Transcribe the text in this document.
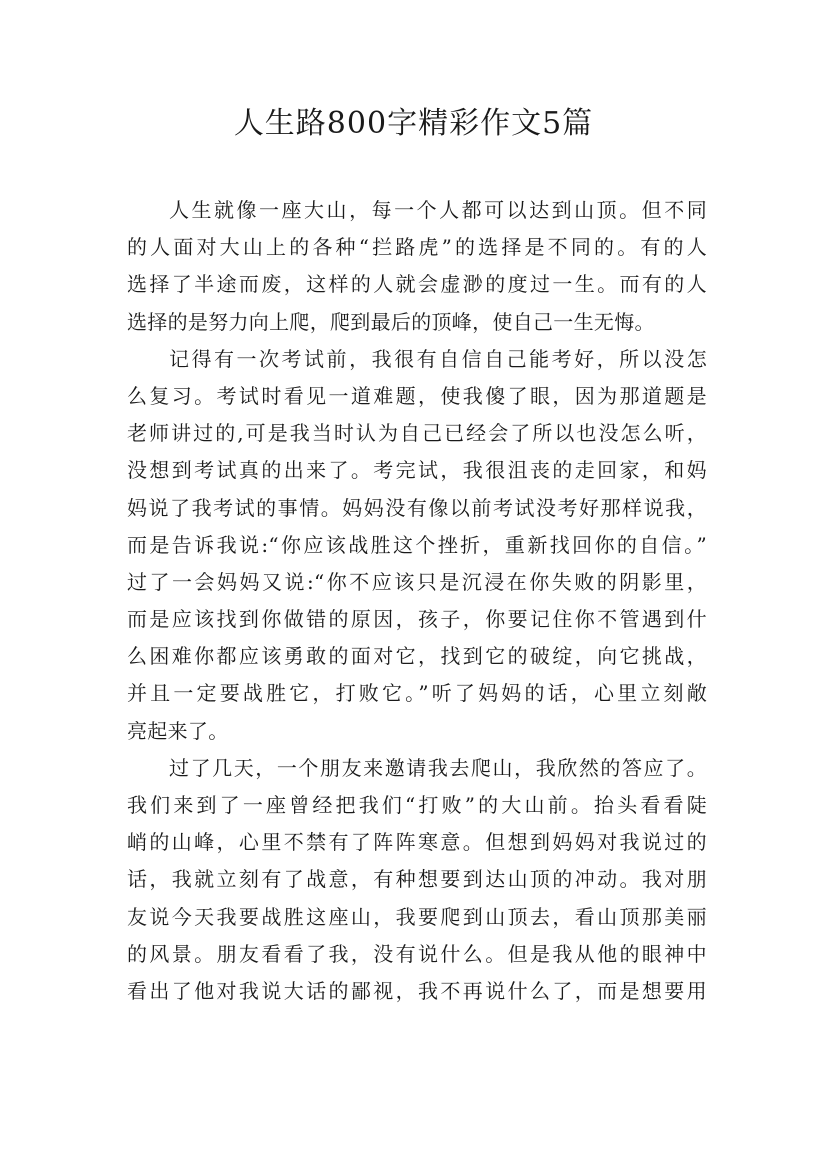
人生路800字精彩作文5篇
人生就像一座大山，每一个人都可以达到山顶。但不同
的人面对大山上的各种“拦路虎”的选择是不同的。有的人
选择了半途而废，这样的人就会虚渺的度过一生。而有的人
选择的是努力向上爬，爬到最后的顶峰，使自己一生无悔。
记得有一次考试前，我很有自信自己能考好，所以没怎
么复习。考试时看见一道难题，使我傻了眼，因为那道题是
老师讲过的,可是我当时认为自己已经会了所以也没怎么听，
没想到考试真的出来了。考完试，我很沮丧的走回家，和妈
妈说了我考试的事情。妈妈没有像以前考试没考好那样说我，
而是告诉我说:“你应该战胜这个挫折，重新找回你的自信。”
过了一会妈妈又说:“你不应该只是沉浸在你失败的阴影里，
而是应该找到你做错的原因，孩子，你要记住你不管遇到什
么困难你都应该勇敢的面对它，找到它的破绽，向它挑战，
并且一定要战胜它，打败它。”听了妈妈的话，心里立刻敞
亮起来了。
过了几天，一个朋友来邀请我去爬山，我欣然的答应了。
我们来到了一座曾经把我们“打败”的大山前。抬头看看陡
峭的山峰，心里不禁有了阵阵寒意。但想到妈妈对我说过的
话，我就立刻有了战意，有种想要到达山顶的冲动。我对朋
友说今天我要战胜这座山，我要爬到山顶去，看山顶那美丽
的风景。朋友看看了我，没有说什么。但是我从他的眼神中
看出了他对我说大话的鄙视，我不再说什么了，而是想要用
